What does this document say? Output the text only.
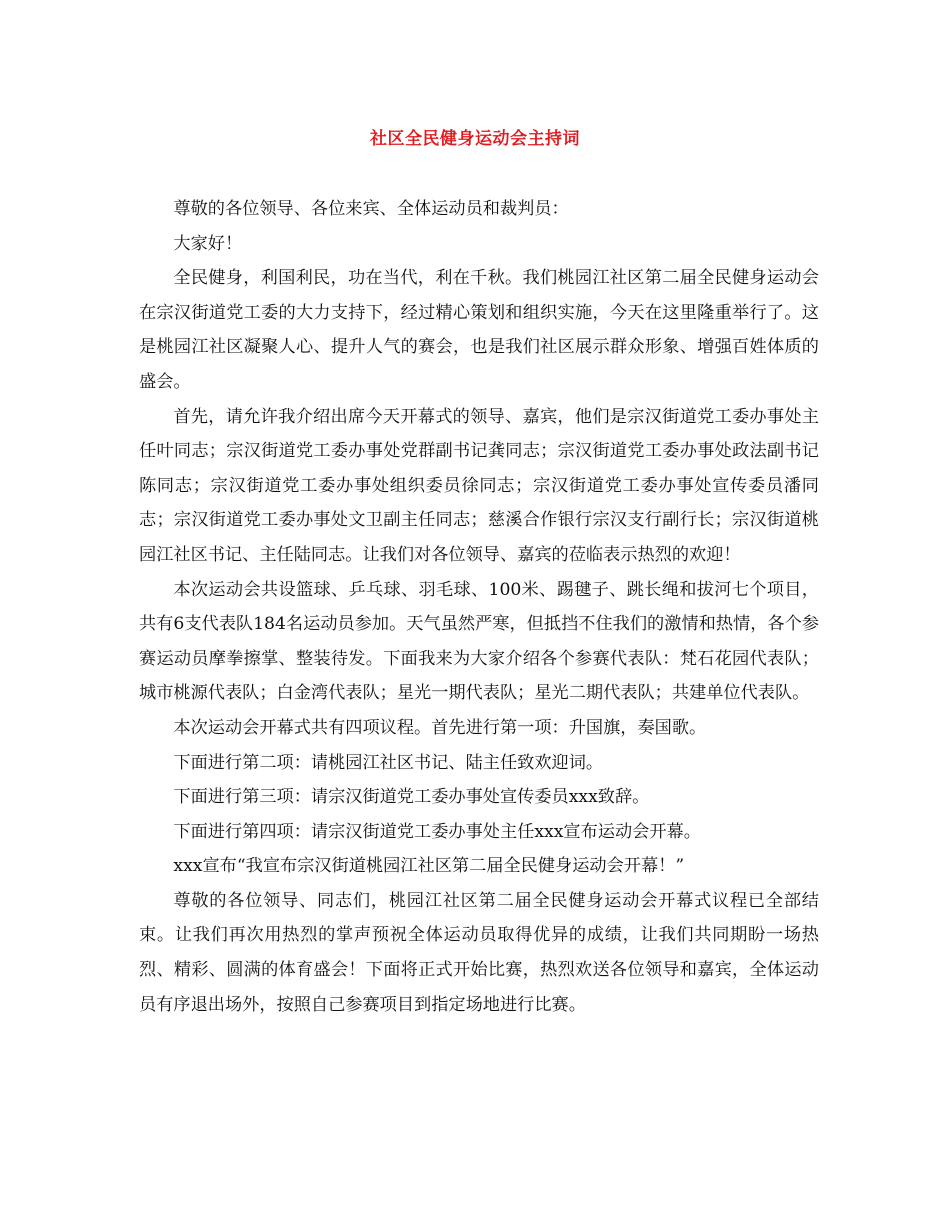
社区全民健身运动会主持词

尊敬的各位领导、各位来宾、全体运动员和裁判员：

大家好！

全民健身，利国利民，功在当代，利在千秋。我们桃园江社区第二届全民健身运动会在宗汉街道党工委的大力支持下，经过精心策划和组织实施，今天在这里隆重举行了。这是桃园江社区凝聚人心、提升人气的赛会，也是我们社区展示群众形象、增强百姓体质的盛会。

首先，请允许我介绍出席今天开幕式的领导、嘉宾，他们是宗汉街道党工委办事处主任叶同志；宗汉街道党工委办事处党群副书记龚同志；宗汉街道党工委办事处政法副书记陈同志；宗汉街道党工委办事处组织委员徐同志；宗汉街道党工委办事处宣传委员潘同志；宗汉街道党工委办事处文卫副主任同志；慈溪合作银行宗汉支行副行长；宗汉街道桃园江社区书记、主任陆同志。让我们对各位领导、嘉宾的莅临表示热烈的欢迎！

本次运动会共设篮球、乒乓球、羽毛球、100米、踢毽子、跳长绳和拔河七个项目，共有6支代表队184名运动员参加。天气虽然严寒，但抵挡不住我们的激情和热情，各个参赛运动员摩拳擦掌、整装待发。下面我来为大家介绍各个参赛代表队：梵石花园代表队；城市桃源代表队；白金湾代表队；星光一期代表队；星光二期代表队；共建单位代表队。

本次运动会开幕式共有四项议程。首先进行第一项：升国旗，奏国歌。

下面进行第二项：请桃园江社区书记、陆主任致欢迎词。

下面进行第三项：请宗汉街道党工委办事处宣传委员xxx致辞。

下面进行第四项：请宗汉街道党工委办事处主任xxx宣布运动会开幕。

xxx宣布“我宣布宗汉街道桃园江社区第二届全民健身运动会开幕！”

尊敬的各位领导、同志们，桃园江社区第二届全民健身运动会开幕式议程已全部结束。让我们再次用热烈的掌声预祝全体运动员取得优异的成绩，让我们共同期盼一场热烈、精彩、圆满的体育盛会！下面将正式开始比赛，热烈欢送各位领导和嘉宾，全体运动员有序退出场外，按照自己参赛项目到指定场地进行比赛。
